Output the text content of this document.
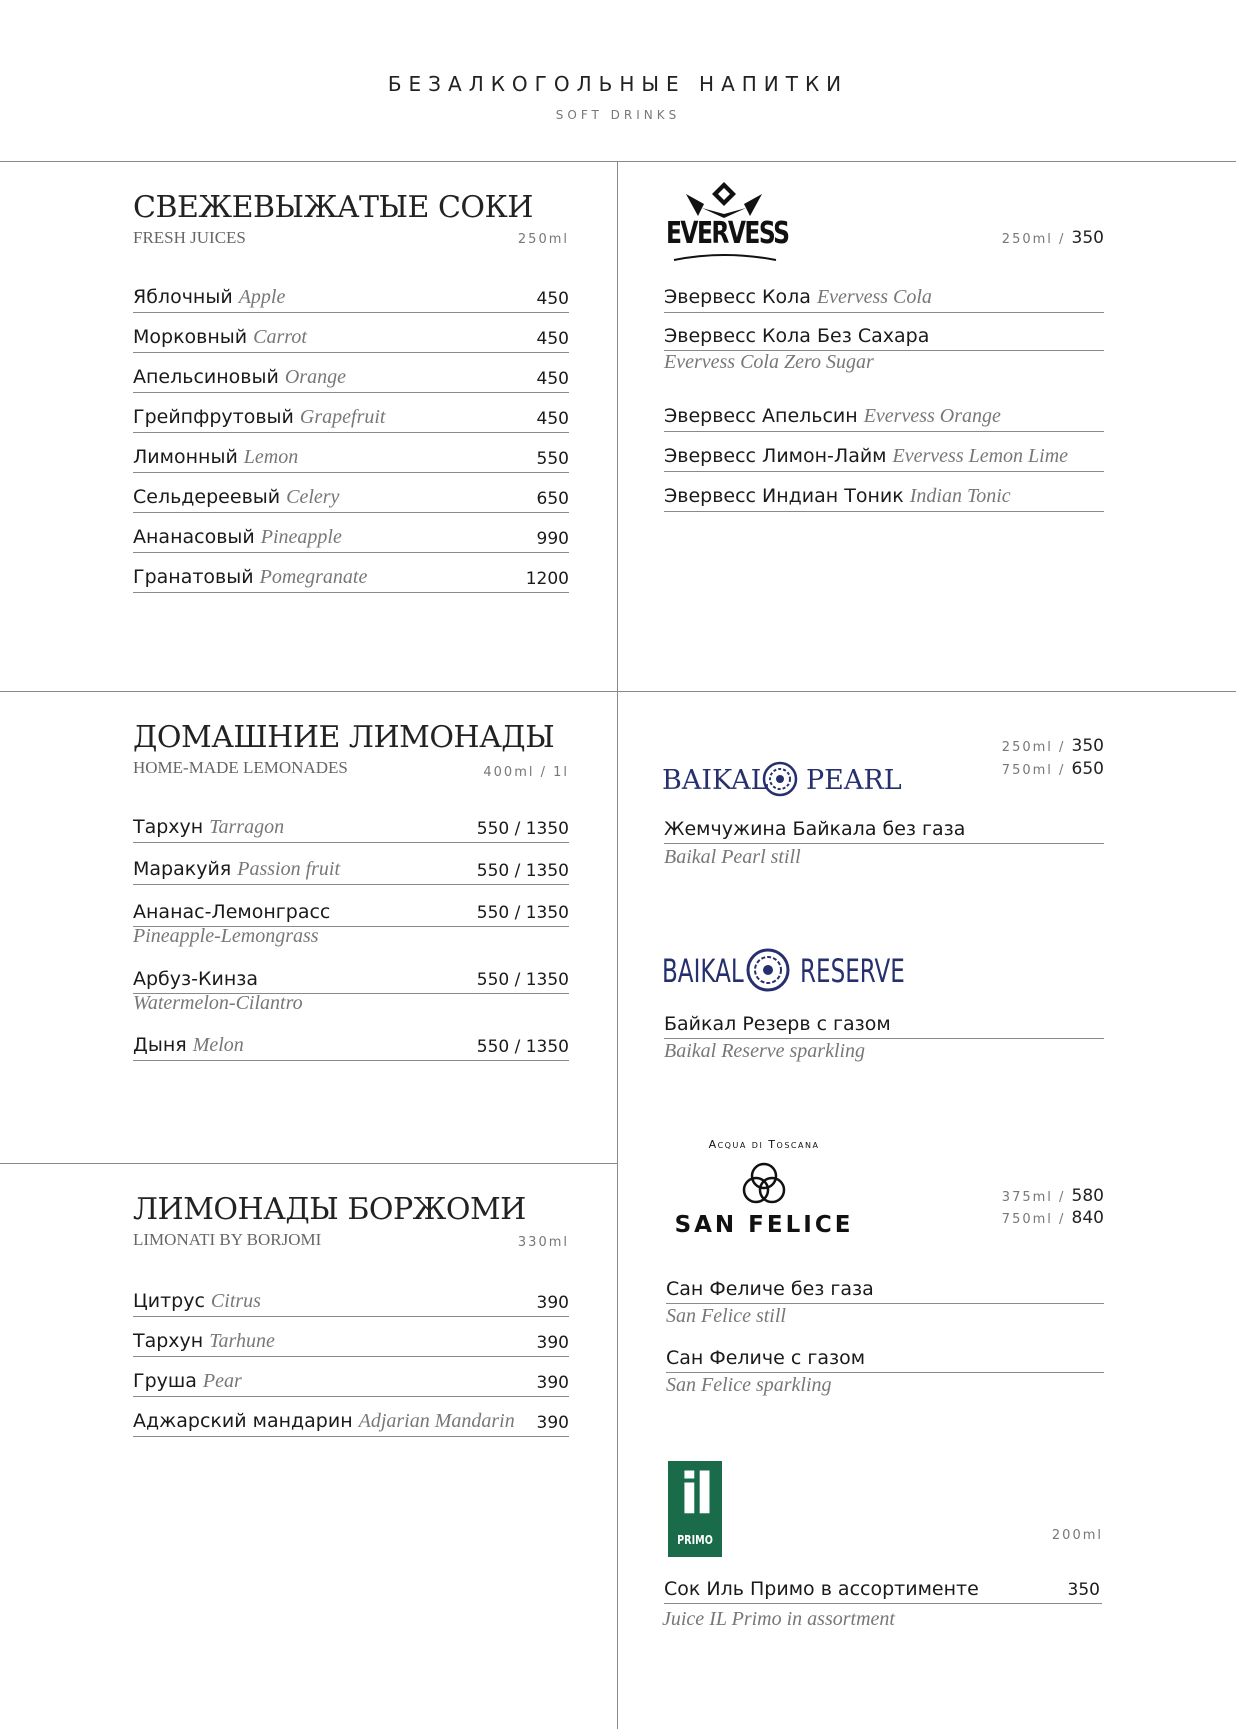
БЕЗАЛКОГОЛЬНЫЕ НАПИТКИ
SOFT DRINKS
СВЕЖЕВЫЖАТЫЕ СОКИ
FRESH JUICES	250ml
Яблочный Apple	450
Морковный Carrot	450
Апельсиновый Orange	450
Грейпфрутовый Grapefruit	450
Лимонный Lemon	550
Сельдереевый Celery	650
Ананасовый Pineapple	990
Гранатовый Pomegranate	1200
EVERVESS	250ml / 350
Эвервесс Кола Evervess Cola
Эвервесс Кола Без Сахара
Evervess Cola Zero Sugar
Эвервесс Апельсин Evervess Orange
Эвервесс Лимон-Лайм Evervess Lemon Lime
Эвервесс Индиан Тоник Indian Tonic
ДОМАШНИЕ ЛИМОНАДЫ
HOME-MADE LEMONADES	400ml / 1l
Тархун Tarragon	550 / 1350
Маракуйя Passion fruit	550 / 1350
Ананас-Лемонграсс	550 / 1350
Pineapple-Lemongrass
Арбуз-Кинза	550 / 1350
Watermelon-Cilantro
Дыня Melon	550 / 1350
ЛИМОНАДЫ БОРЖОМИ
LIMONATI BY BORJOMI	330ml
Цитрус Citrus	390
Тархун Tarhune	390
Груша Pear	390
Аджарский мандарин Adjarian Mandarin 390
BAIKAL PEARL
250ml / 350
750ml / 650
Жемчужина Байкала без газа
Baikal Pearl still
BAIKAL RESERVE
Байкал Резерв с газом
Baikal Reserve sparkling
Acqua di Toscana
SAN FELICE
375ml / 580
750ml / 840
Сан Феличе без газа
San Felice still
Сан Феличе с газом
San Felice sparkling
il
PRIMO	200ml
Сок Иль Примо в ассортименте	350
Juice IL Primo in assortment
